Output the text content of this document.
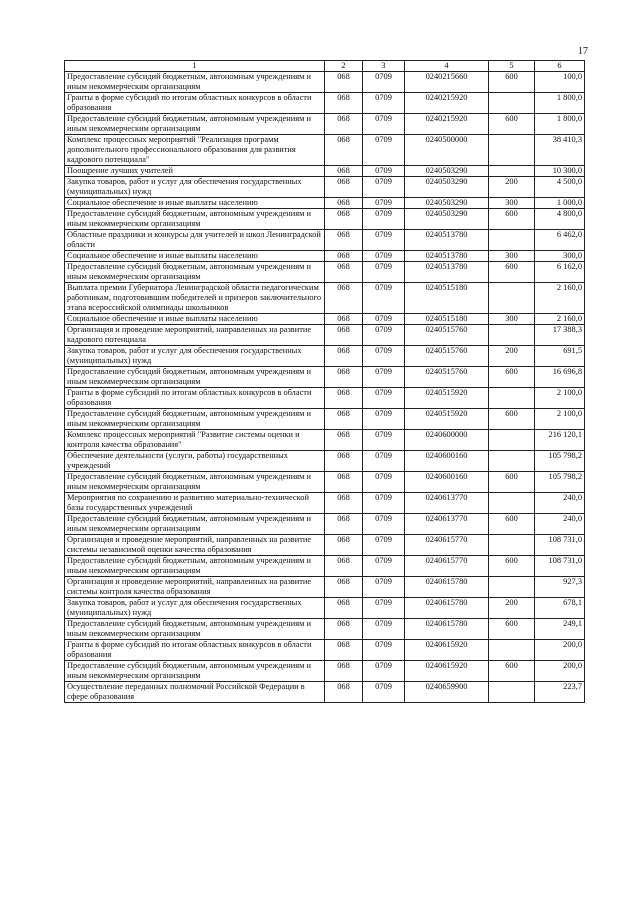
17
1	2	3	4	5	6
Предоставление субсидий бюджетным, автономным учреждениям и иным некоммерческим организациям	068	0709	0240215660	600	100,0
Гранты в форме субсидий по итогам областных конкурсов в области образования	068	0709	0240215920		1 800,0
Предоставление субсидий бюджетным, автономным учреждениям и иным некоммерческим организациям	068	0709	0240215920	600	1 800,0
Комплекс процессных мероприятий "Реализация программ дополнительного профессионального образования для развития кадрового потенциала"	068	0709	0240500000		38 410,3
Поощрение лучших учителей	068	0709	0240503290		10 300,0
Закупка товаров, работ и услуг для обеспечения государственных (муниципальных) нужд	068	0709	0240503290	200	4 500,0
Социальное обеспечение и иные выплаты населению	068	0709	0240503290	300	1 000,0
Предоставление субсидий бюджетным, автономным учреждениям и иным некоммерческим организациям	068	0709	0240503290	600	4 800,0
Областные праздники и конкурсы для учителей и школ Ленинградской области	068	0709	0240513780		6 462,0
Социальное обеспечение и иные выплаты населению	068	0709	0240513780	300	300,0
Предоставление субсидий бюджетным, автономным учреждениям и иным некоммерческим организациям	068	0709	0240513780	600	6 162,0
Выплата премии Губернатора Ленинградской области педагогическим работникам, подготовившим победителей и призеров заключительного этапа всероссийской олимпиады школьников	068	0709	0240515180		2 160,0
Социальное обеспечение и иные выплаты населению	068	0709	0240515180	300	2 160,0
Организация и проведение мероприятий, направленных на развитие кадрового потенциала	068	0709	0240515760		17 388,3
Закупка товаров, работ и услуг для обеспечения государственных (муниципальных) нужд	068	0709	0240515760	200	691,5
Предоставление субсидий бюджетным, автономным учреждениям и иным некоммерческим организациям	068	0709	0240515760	600	16 696,8
Гранты в форме субсидий по итогам областных конкурсов в области образования	068	0709	0240515920		2 100,0
Предоставление субсидий бюджетным, автономным учреждениям и иным некоммерческим организациям	068	0709	0240515920	600	2 100,0
Комплекс процессных мероприятий "Развитие системы оценки и контроля качества образования"	068	0709	0240600000		216 120,1
Обеспечение деятельности (услуги, работы) государственных учреждений	068	0709	0240600160		105 798,2
Предоставление субсидий бюджетным, автономным учреждениям и иным некоммерческим организациям	068	0709	0240600160	600	105 798,2
Мероприятия по сохранению и развитию материально-технической базы государственных учреждений	068	0709	0240613770		240,0
Предоставление субсидий бюджетным, автономным учреждениям и иным некоммерческим организациям	068	0709	0240613770	600	240,0
Организация и проведение мероприятий, направленных на развитие системы независимой оценки качества образования	068	0709	0240615770		108 731,0
Предоставление субсидий бюджетным, автономным учреждениям и иным некоммерческим организациям	068	0709	0240615770	600	108 731,0
Организация и проведение мероприятий, направленных на развитие системы контроля качества образования	068	0709	0240615780		927,3
Закупка товаров, работ и услуг для обеспечения государственных (муниципальных) нужд	068	0709	0240615780	200	678,1
Предоставление субсидий бюджетным, автономным учреждениям и иным некоммерческим организациям	068	0709	0240615780	600	249,1
Гранты в форме субсидий по итогам областных конкурсов в области образования	068	0709	0240615920		200,0
Предоставление субсидий бюджетным, автономным учреждениям и иным некоммерческим организациям	068	0709	0240615920	600	200,0
Осуществление переданных полномочий Российской Федерации в сфере образования	068	0709	0240659900		223,7
